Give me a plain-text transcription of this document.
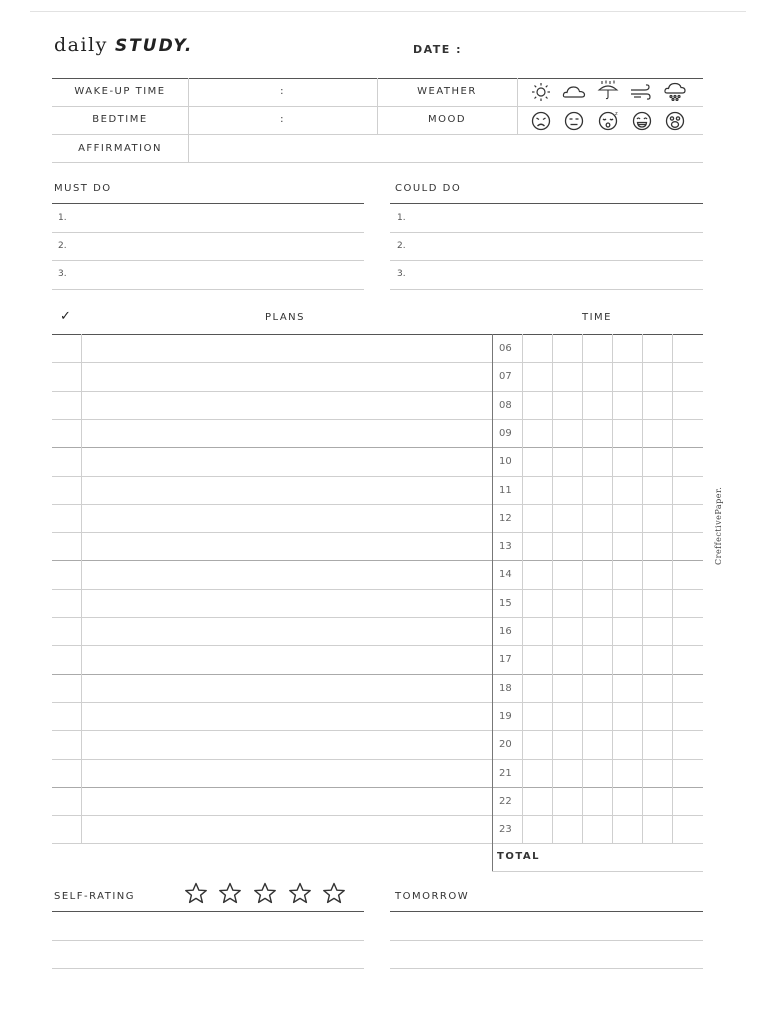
daily STUDY.	DATE :
WAKE-UP TIME	:	WEATHER
BEDTIME	:	MOOD
AFFIRMATION
z
MUST DO	COULD DO
1.
2.
3.
1.
2.
3.
✓	PLANS	TIME
06
07
08
09
10
11
12
13
14
15
16
17
18
19
20
21
22
23
TOTAL
SELF-RATING	TOMORROW
CreffectivePaper.
